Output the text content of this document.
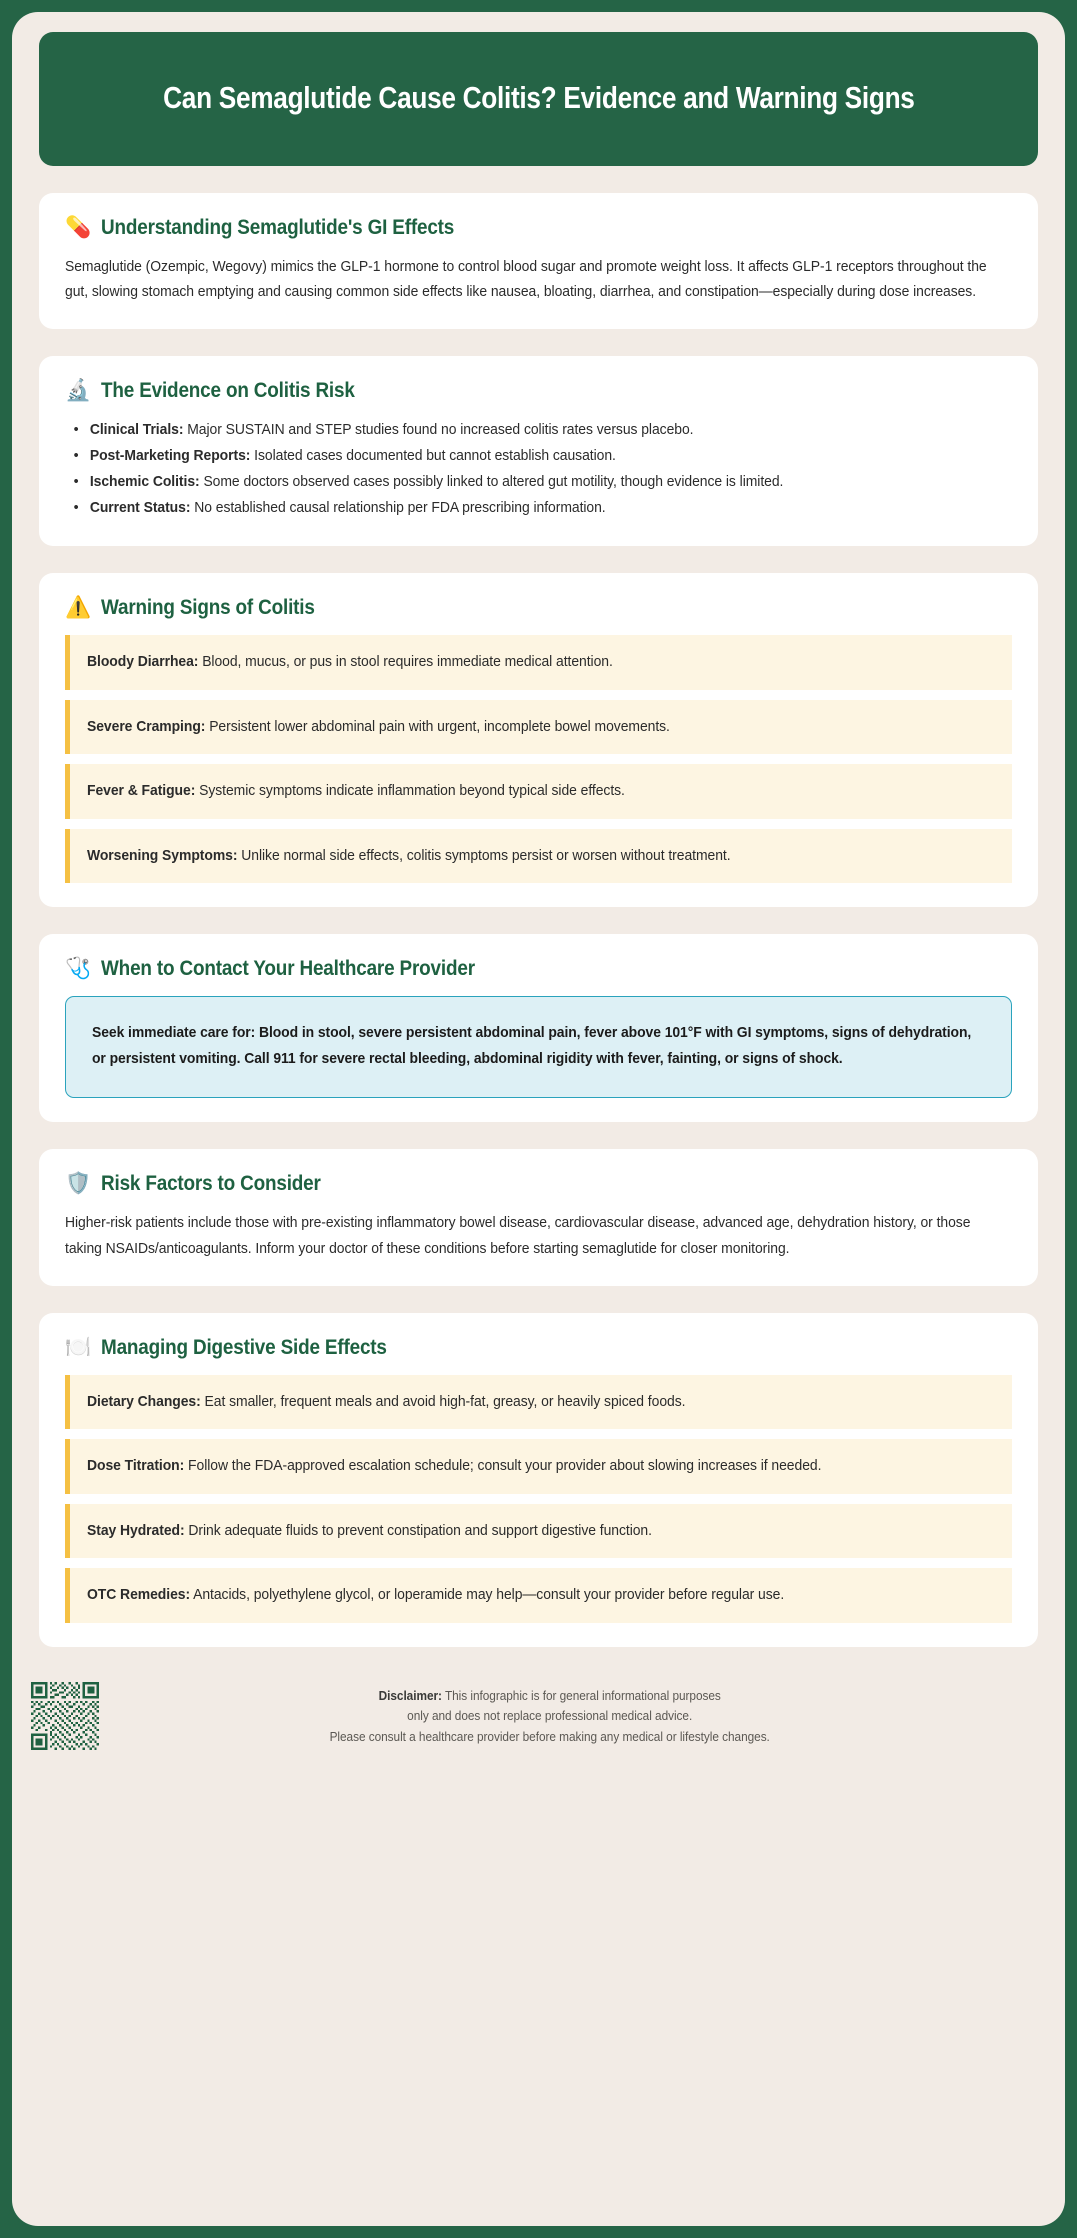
Can Semaglutide Cause Colitis? Evidence and Warning Signs
💊 Understanding Semaglutide's GI Effects
Semaglutide (Ozempic, Wegovy) mimics the GLP-1 hormone to control blood sugar and promote weight loss. It affects GLP-1 receptors throughout the gut, slowing stomach emptying and causing common side effects like nausea, bloating, diarrhea, and constipation—especially during dose increases.
🔬 The Evidence on Colitis Risk
• Clinical Trials: Major SUSTAIN and STEP studies found no increased colitis rates versus placebo.
• Post-Marketing Reports: Isolated cases documented but cannot establish causation.
• Ischemic Colitis: Some doctors observed cases possibly linked to altered gut motility, though evidence is limited.
• Current Status: No established causal relationship per FDA prescribing information.
⚠️ Warning Signs of Colitis
Bloody Diarrhea: Blood, mucus, or pus in stool requires immediate medical attention.
Severe Cramping: Persistent lower abdominal pain with urgent, incomplete bowel movements.
Fever & Fatigue: Systemic symptoms indicate inflammation beyond typical side effects.
Worsening Symptoms: Unlike normal side effects, colitis symptoms persist or worsen without treatment.
🩺 When to Contact Your Healthcare Provider
Seek immediate care for: Blood in stool, severe persistent abdominal pain, fever above 101°F with GI symptoms, signs of dehydration, or persistent vomiting. Call 911 for severe rectal bleeding, abdominal rigidity with fever, fainting, or signs of shock.
🛡️ Risk Factors to Consider
Higher-risk patients include those with pre-existing inflammatory bowel disease, cardiovascular disease, advanced age, dehydration history, or those taking NSAIDs/anticoagulants. Inform your doctor of these conditions before starting semaglutide for closer monitoring.
🍽️ Managing Digestive Side Effects
Dietary Changes: Eat smaller, frequent meals and avoid high-fat, greasy, or heavily spiced foods.
Dose Titration: Follow the FDA-approved escalation schedule; consult your provider about slowing increases if needed.
Stay Hydrated: Drink adequate fluids to prevent constipation and support digestive function.
OTC Remedies: Antacids, polyethylene glycol, or loperamide may help—consult your provider before regular use.
Disclaimer: This infographic is for general informational purposes
only and does not replace professional medical advice.
Please consult a healthcare provider before making any medical or lifestyle changes.
